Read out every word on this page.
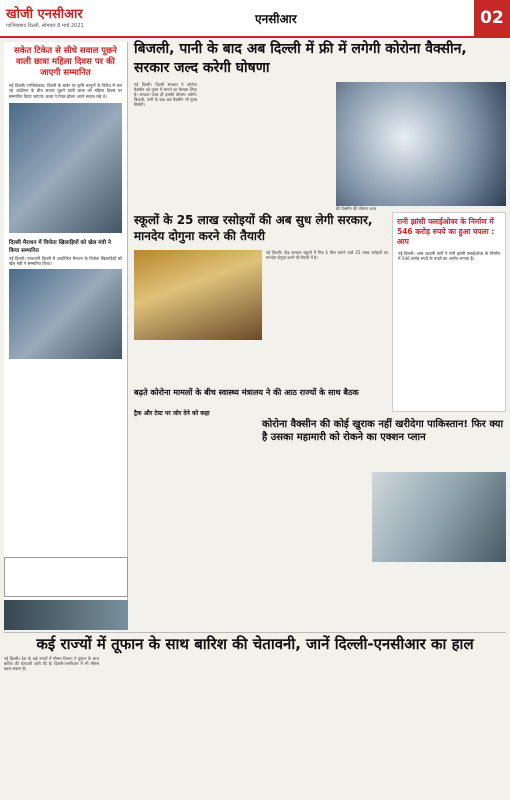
खोजी एनसीआर
गाजियाबाद दिल्ली, सोमवार 8 मार्च 2021	एनसीआर	02
सकेत टिकेत से सीधे सवाल पूछने वाली छात्रा महिला दिवस पर की जाएगी सम्मानित
नई दिल्ली/ गाजियाबाद। दिल्ली के बार्डर पर कृषि कानूनों के विरोध में चल रहे आंदोलन के बीच सवाल पूछने वाली छात्रा को महिला दिवस पर सम्मानित किया जाएगा। छात्रा ने निडर होकर अपने सवाल रखे थे।
दिल्ली मैराथन में विजेता खिलाड़ियों को खेल मंत्री ने किया सम्मानित
नई दिल्ली। राजधानी दिल्ली में आयोजित मैराथन के विजेता खिलाड़ियों को खेल मंत्री ने सम्मानित किया।
बिजली, पानी के बाद अब दिल्ली में फ्री में लगेगी कोरोना वैक्सीन, सरकार जल्द करेगी घोषणा
नई दिल्ली। दिल्ली सरकार ने कोरोना वैक्सीन को मुफ्त में लगाने का फैसला लिया है। सरकार जल्द ही इसकी घोषणा करेगी। बिजली, पानी के बाद अब वैक्सीन भी मुफ्त मिलेगी।
फ्री वैक्सीन की घोषणा जल्द
स्कूलों के 25 लाख रसोइयों की अब सुध लेगी सरकार, मानदेय दोगुना करने की तैयारी
नई दिल्ली। केंद्र सरकार स्कूलों में मिड डे मील बनाने वाले 25 लाख रसोइयों का मानदेय दोगुना करने की तैयारी में है।
रानी झांसी फ्लाईओवर के निर्माण में 546 करोड़ रुपये का हुआ घपला : आप
नई दिल्ली। आम आदमी पार्टी ने रानी झांसी फ्लाईओवर के निर्माण में 546 करोड़ रुपये के घपले का आरोप लगाया है।
बढ़ते कोरोना मामलों के बीच स्वास्थ्य मंत्रालय ने की आठ राज्यों के साथ बैठक
ट्रैक और टेस्ट पर जोर देने को कहा
कोरोना वैक्सीन की कोई खुराक नहीं खरीदेगा पाकिस्तान! फिर क्या है उसका महामारी को रोकने का एक्शन प्लान
कई राज्यों में तूफान के साथ बारिश की चेतावनी, जानें दिल्ली-एनसीआर का हाल
नई दिल्ली। देश के कई राज्यों में मौसम विभाग ने तूफान के साथ बारिश की चेतावनी जारी की है। दिल्ली-एनसीआर में भी मौसम बदल सकता है।
